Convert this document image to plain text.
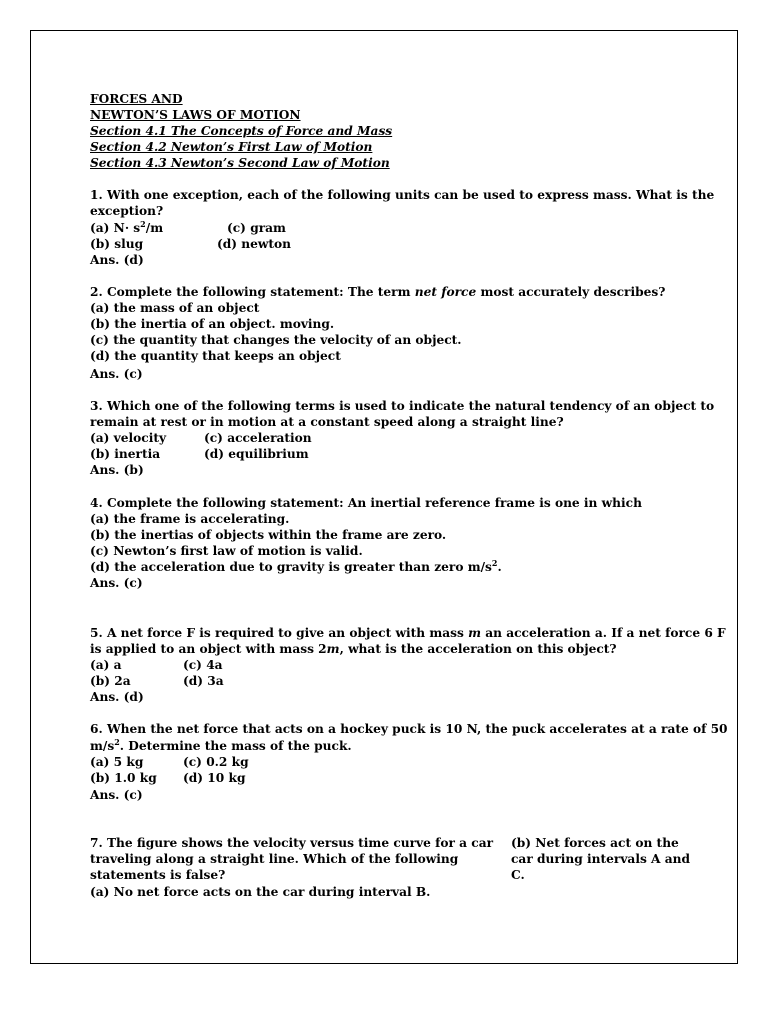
FORCES AND
NEWTON’S LAWS OF MOTION
Section 4.1 The Concepts of Force and Mass
Section 4.2 Newton’s First Law of Motion
Section 4.3 Newton’s Second Law of Motion
1. With one exception, each of the following units can be used to express mass. What is the
exception?
(a) $N\cdot s^2/m$	(c) gram
(b) slug	(d) newton
Ans. (d)
2. Complete the following statement: The term net force most accurately describes?
(a) the mass of an object
(b) the inertia of an object. moving.
(c) the quantity that changes the velocity of an object.
(d) the quantity that keeps an object
Ans. (c)
3. Which one of the following terms is used to indicate the natural tendency of an object to
remain at rest or in motion at a constant speed along a straight line?
(a) velocity	(c) acceleration
(b) inertia	(d) equilibrium
Ans. (b)
4. Complete the following statement: An inertial reference frame is one in which
(a) the frame is accelerating.
(b) the inertias of objects within the frame are zero.
(c) Newton’s first law of motion is valid.
(d) the acceleration due to gravity is greater than zero $m/s^2$.
Ans. (c)
5. A net force F is required to give an object with mass m an acceleration a. If a net force 6 F
is applied to an object with mass 2m, what is the acceleration on this object?
(a) a	(c) 4a
(b) 2a	(d) 3a
Ans. (d)
6. When the net force that acts on a hockey puck is 10 N, the puck accelerates at a rate of 50
$m/s^2$. Determine the mass of the puck.
(a) 5 kg	(c) 0.2 kg
(b) 1.0 kg (d) 10 kg
Ans. (c)
7. The figure shows the velocity versus time curve for a car
traveling along a straight line. Which of the following
statements is false?
(a) No net force acts on the car during interval B.
(b) Net forces act on the
car during intervals A and
C.
